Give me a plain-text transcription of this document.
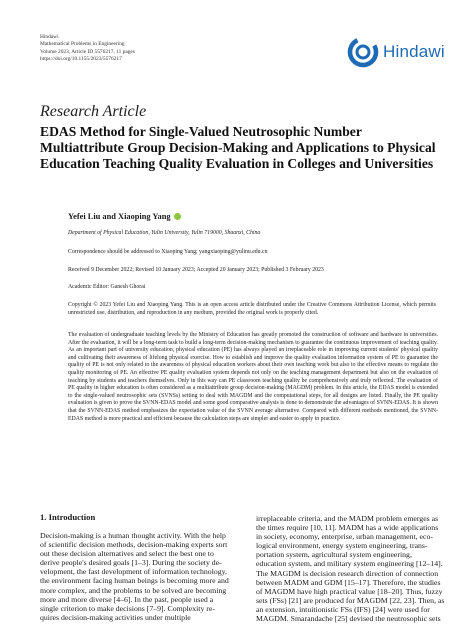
Hindawi
Mathematical Problems in Engineering
Volume 2023, Article ID 5576217, 11 pages
https://doi.org/10.1155/2023/5576217	Hindawi
Research Article
EDAS Method for Single-Valued Neutrosophic Number Multiattribute Group Decision-Making and Applications to Physical Education Teaching Quality Evaluation in Colleges and Universities
Yefei Liu and Xiaoping Yang
Department of Physical Education, Yulin University, Yulin 719000, Shaanxi, China
Correspondence should be addressed to Xiaoping Yang; yangxiaoping@yulinu.edu.cn
Received 9 December 2022; Revised 10 January 2023; Accepted 20 January 2023; Published 3 February 2023
Academic Editor: Ganesh Ghorai
Copyright © 2023 Yefei Liu and Xiaoping Yang. This is an open access article distributed under the Creative Commons Attribution License, which permits unrestricted use, distribution, and reproduction in any medium, provided the original work is properly cited.
The evaluation of undergraduate teaching levels by the Ministry of Education has greatly promoted the construction of software and hardware in universities. After the evaluation, it will be a long-term task to build a long-term decision-making mechanism to guarantee the continuous improvement of teaching quality. As an important part of university education, physical education (PE) has always played an irreplaceable role in improving current students' physical quality and cultivating their awareness of lifelong physical exercise. How to establish and improve the quality evaluation information system of PE to guarantee the quality of PE is not only related to the awareness of physical education workers about their own teaching work but also to the effective means to regulate the quality monitoring of PE. An effective PE quality evaluation system depends not only on the teaching management department but also on the evaluation of teaching by students and teachers themselves. Only in this way can PE classroom teaching quality be comprehensively and truly reflected. The evaluation of PE quality in higher education is often considered as a multiattribute group decision-making (MAGDM) problem. In this article, the EDAS model is extended to the single-valued neutrosophic sets (SVNSs) setting to deal with MAGDM and the computational steps, for all designs are listed. Finally, the PE quality evaluation is given to prove the SVNN-EDAS model and some good comparative analysis is done to demonstrate the advantages of SVNN-EDAS. It is shown that the SVNN-EDAS method emphasizes the expectation value of the SVNN average alternative. Compared with different methods mentioned, the SVNN-EDAS method is more practical and efficient because the calculation steps are simpler and easier to apply in practice.
1. Introduction
Decision-making is a human thought activity. With the help
of scientific decision methods, decision-making experts sort
out these decision alternatives and select the best one to
derive people's desired goals [1–3]. During the society de-
velopment, the fast development of information technology,
the environment facing human beings is becoming more and
more complex, and the problems to be solved are becoming
more and more diverse [4–6]. In the past, people used a
single criterion to make decisions [7–9]. Complexity re-
quires decision-making activities under multiple
irreplaceable criteria, and the MADM problem emerges as
the times require [10, 11]. MADM has a wide applications
in society, economy, enterprise, urban management, eco-
logical environment, energy system engineering, trans-
portation system, agricultural system engineering,
education system, and military system engineering [12–14].
The MAGDM is decision research direction of connection
between MADM and GDM [15–17]. Therefore, the studies
of MAGDM have high practical value [18–20]. Thus, fuzzy
sets (FSs) [21] are produced for MAGDM [22, 23]. Then, as
an extension, intuitionistic FSs (IFS) [24] were used for
MAGDM. Smarandache [25] devised the neutrosophic sets
